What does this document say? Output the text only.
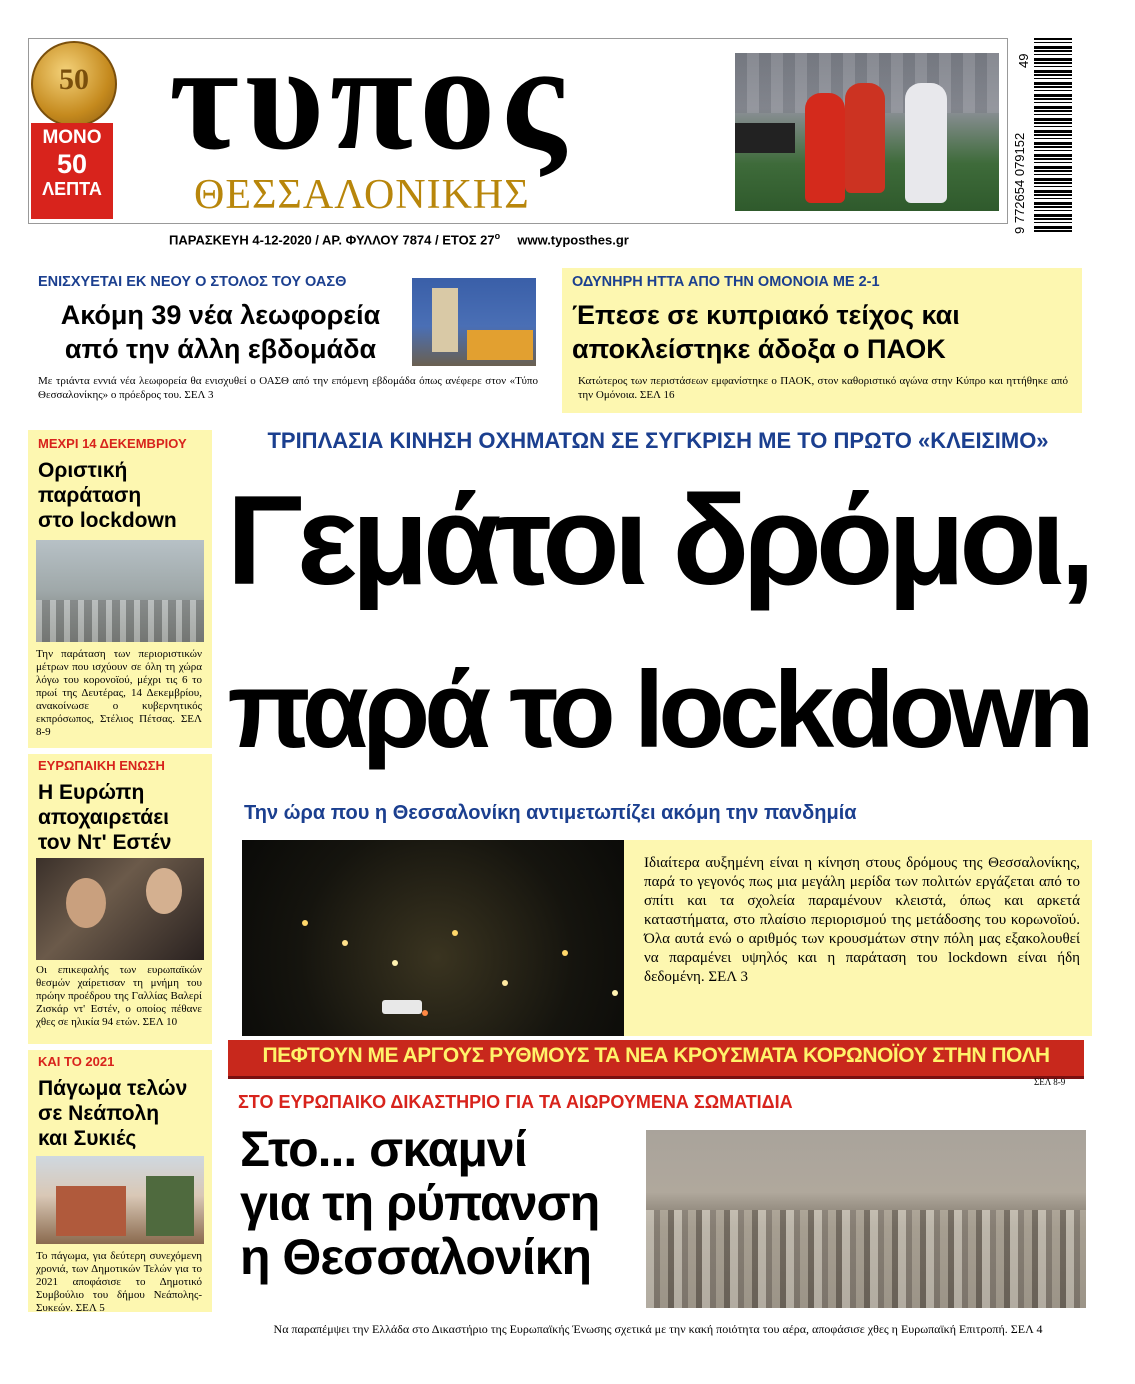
50
ΜΟΝΟ
50
ΛΕΠΤΑ
τυπος
ΘΕΣΣΑΛΟΝΙΚΗΣ
ΠΑΡΑΣΚΕΥΗ 4-12-2020 / ΑΡ. ΦΥΛΛΟΥ 7874 / ΕΤΟΣ $27^o$ www.typosthes.gr
9 772654 079152
49
ΕΝΙΣΧΥΕΤΑΙ ΕΚ ΝΕΟΥ Ο ΣΤΟΛΟΣ ΤΟΥ ΟΑΣΘ
Ακόμη 39 νέα λεωφορεία
από την άλλη εβδομάδα
Με τριάντα εννιά νέα λεωφορεία θα ενισχυθεί ο ΟΑΣΘ από την επόμενη εβδομάδα όπως ανέφερε στον «Τύπο Θεσσαλονίκης» ο πρόεδρος του. ΣΕΛ 3
ΟΔΥΝΗΡΗ ΗΤΤΑ ΑΠΟ ΤΗΝ ΟΜΟΝΟΙΑ ΜΕ 2-1
Έπεσε σε κυπριακό τείχος και
αποκλείστηκε άδοξα ο ΠΑΟΚ
Κατώτερος των περιστάσεων εμφανίστηκε ο ΠΑΟΚ, στον καθοριστικό αγώνα στην Κύπρο και ηττήθηκε από την Ομόνοια. ΣΕΛ 16
ΜΕΧΡΙ 14 ΔΕΚΕΜΒΡΙΟΥ
Οριστική
παράταση
στο lockdown
Την παράταση των περιοριστικών μέτρων που ισχύουν σε όλη τη χώρα λόγω του κορονοϊού, μέχρι τις 6 το πρωί της Δευτέρας, 14 Δεκεμβρίου, ανακοίνωσε ο κυβερνητικός εκπρόσωπος, Στέλιος Πέτσας. ΣΕΛ 8-9
ΕΥΡΩΠΑΙΚΗ ΕΝΩΣΗ
Η Ευρώπη
αποχαιρετάει
τον Ντ' Εστέν
Οι επικεφαλής των ευρωπαϊκών θεσμών χαίρετισαν τη μνήμη του πρώην προέδρου της Γαλλίας Βαλερί Ζισκάρ ντ' Εστέν, ο οποίος πέθανε χθες σε ηλικία 94 ετών. ΣΕΛ 10
ΚΑΙ ΤΟ 2021
Πάγωμα τελών
σε Νεάπολη
και Συκιές
Το πάγωμα, για δεύτερη συνεχόμενη χρονιά, των Δημοτικών Τελών για το 2021 αποφάσισε το Δημοτικό Συμβούλιο του δήμου Νεάπολης- Συκεών. ΣΕΛ 5
ΤΡΙΠΛΑΣΙΑ ΚΙΝΗΣΗ ΟΧΗΜΑΤΩΝ ΣΕ ΣΥΓΚΡΙΣΗ ΜΕ ΤΟ ΠΡΩΤΟ «ΚΛΕΙΣΙΜΟ»
Γεμάτοι δρόμοι,
παρά το lockdown
Την ώρα που η Θεσσαλονίκη αντιμετωπίζει ακόμη την πανδημία
Ιδιαίτερα αυξημένη είναι η κίνηση στους δρόμους της Θεσσαλονίκης, παρά το γεγονός πως μια μεγάλη μερίδα των πολιτών εργάζεται από το σπίτι και τα σχολεία παραμένουν κλειστά, όπως και αρκετά καταστήματα, στο πλαίσιο περιορισμού της μετάδοσης του κορωνοϊού. Όλα αυτά ενώ ο αριθμός των κρουσμάτων στην πόλη μας εξακολουθεί να παραμένει υψηλός και η παράταση του lockdown είναι ήδη δεδομένη. ΣΕΛ 3
ΠΕΦΤΟΥΝ ΜΕ ΑΡΓΟΥΣ ΡΥΘΜΟΥΣ ΤΑ ΝΕΑ ΚΡΟΥΣΜΑΤΑ ΚΟΡΩΝΟΪΟΥ ΣΤΗΝ ΠΟΛΗ
ΣΕΛ 8-9
ΣΤΟ ΕΥΡΩΠΑΙΚΟ ΔΙΚΑΣΤΗΡΙΟ ΓΙΑ ΤΑ ΑΙΩΡΟΥΜΕΝΑ ΣΩΜΑΤΙΔΙΑ
Στο... σκαμνί
για τη ρύπανση
η Θεσσαλονίκη
Να παραπέμψει την Ελλάδα στο Δικαστήριο της Ευρωπαϊκής Ένωσης σχετικά με την κακή ποιότητα του αέρα, αποφάσισε χθες η Ευρωπαϊκή Επιτροπή. ΣΕΛ 4
